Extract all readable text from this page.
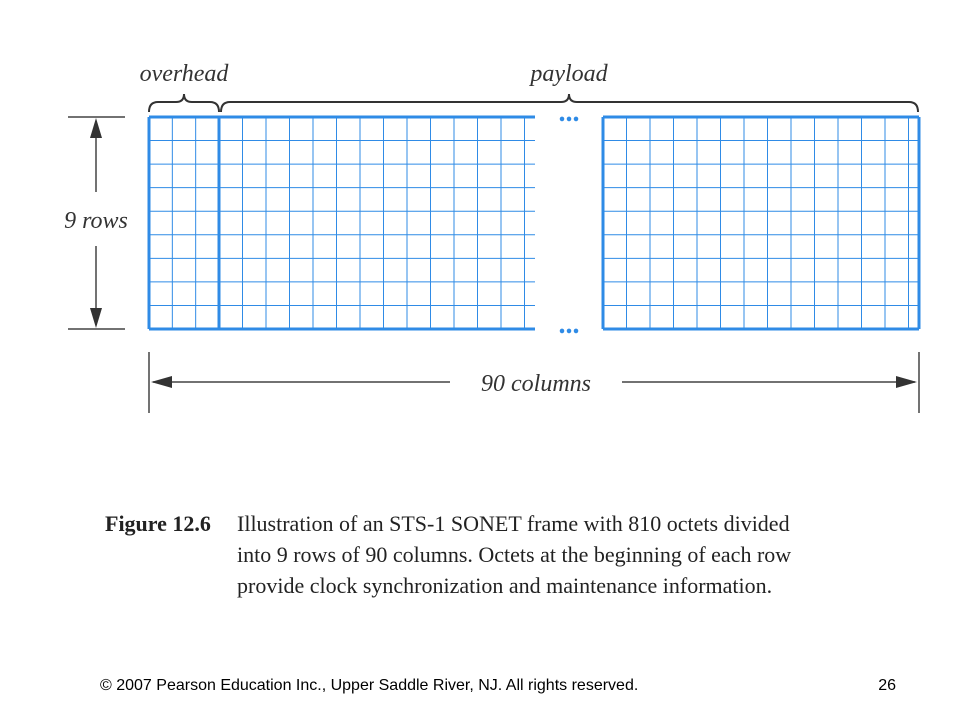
overhead	payload
9 rows
...
...
90 columns
Figure 12.6	Illustration of an STS-1 SONET frame with 810 octets divided
into 9 rows of 90 columns. Octets at the beginning of each row
provide clock synchronization and maintenance information.
© 2007 Pearson Education Inc., Upper Saddle River, NJ. All rights reserved.	26
